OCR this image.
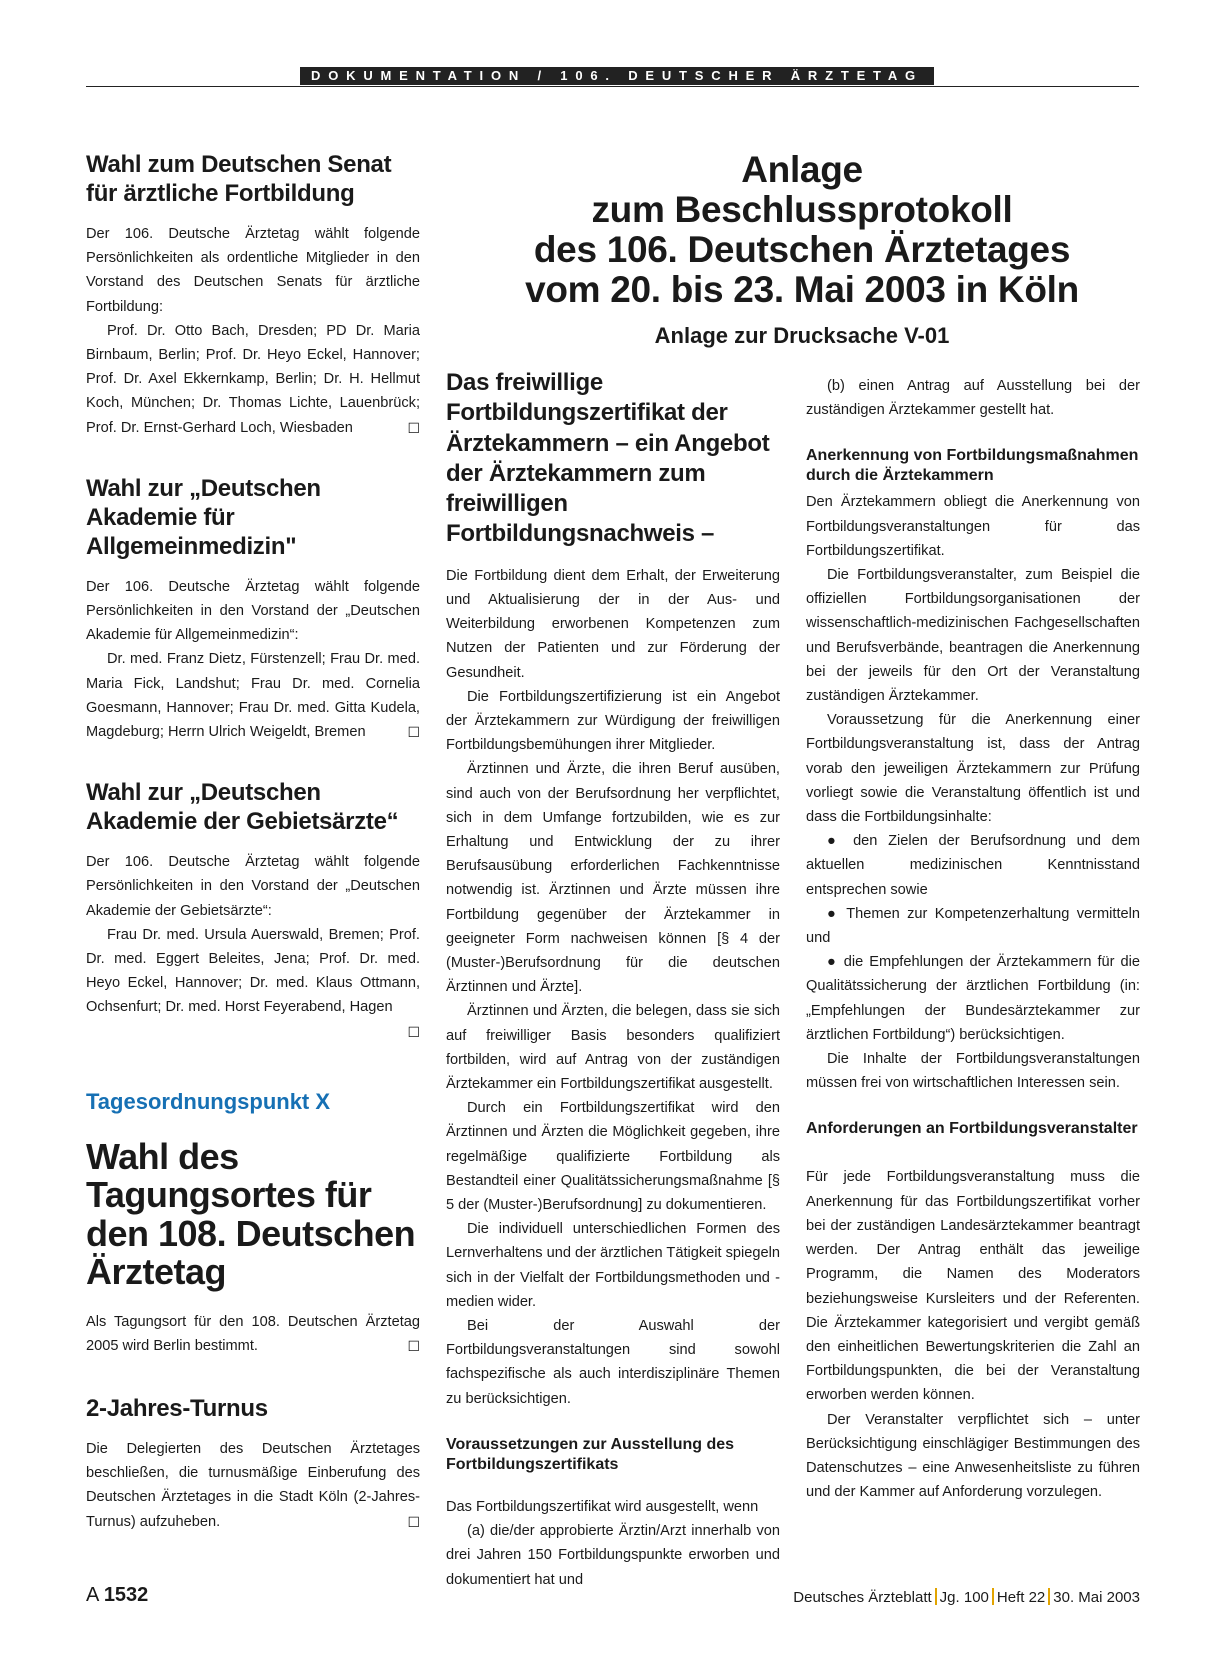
DOKUMENTATION / 106. DEUTSCHER ÄRZTETAG
Wahl zum Deutschen Senat für ärztliche Fortbildung

Der 106. Deutsche Ärztetag wählt folgende Persönlichkeiten als ordentliche Mitglieder in den Vorstand des Deutschen Senats für ärztliche Fortbildung:

Prof. Dr. Otto Bach, Dresden; PD Dr. Maria Birnbaum, Berlin; Prof. Dr. Heyo Eckel, Hannover; Prof. Dr. Axel Ekkernkamp, Berlin; Dr. H. Hellmut Koch, München; Dr. Thomas Lichte, Lauenbrück; Prof. Dr. Ernst-Gerhard Loch, Wiesbaden	☐

Wahl zur „Deutschen Akademie für Allgemeinmedizin"

Der 106. Deutsche Ärztetag wählt folgende Persönlichkeiten in den Vorstand der „Deutschen Akademie für Allgemeinmedizin“:

Dr. med. Franz Dietz, Fürstenzell; Frau Dr. med. Maria Fick, Landshut; Frau Dr. med. Cornelia Goesmann, Hannover; Frau Dr. med. Gitta Kudela, Magdeburg; Herrn Ulrich Weigeldt, Bremen	☐

Wahl zur „Deutschen Akademie der Gebietsärzte“

Der 106. Deutsche Ärztetag wählt folgende Persönlichkeiten in den Vorstand der „Deutschen Akademie der Gebietsärzte“:

Frau Dr. med. Ursula Auerswald, Bremen; Prof. Dr. med. Eggert Beleites, Jena; Prof. Dr. med. Heyo Eckel, Hannover; Dr. med. Klaus Ottmann, Ochsenfurt; Dr. med. Horst Feyerabend, Hagen
☐

Tagesordnungspunkt X
Wahl des Tagungsortes für den 108. Deutschen Ärztetag

Als Tagungsort für den 108. Deutschen Ärztetag 2005 wird Berlin bestimmt.	☐

2-Jahres-Turnus

Die Delegierten des Deutschen Ärztetages beschließen, die turnusmäßige Einberufung des Deutschen Ärztetages in die Stadt Köln (2-Jahres-Turnus) aufzuheben.	☐

Anlage
zum Beschlussprotokoll
des 106. Deutschen Ärztetages
vom 20. bis 23. Mai 2003 in Köln
Anlage zur Drucksache V-01
Das freiwillige Fortbildungszertifikat der Ärztekammern – ein Angebot der Ärztekammern zum freiwilligen Fortbildungsnachweis –

Die Fortbildung dient dem Erhalt, der Erweiterung und Aktualisierung der in der Aus- und Weiterbildung erworbenen Kompetenzen zum Nutzen der Patienten und zur Förderung der Gesundheit.

Die Fortbildungszertifizierung ist ein Angebot der Ärztekammern zur Würdigung der freiwilligen Fortbildungsbemühungen ihrer Mitglieder.

Ärztinnen und Ärzte, die ihren Beruf ausüben, sind auch von der Berufsordnung her verpflichtet, sich in dem Umfange fortzubilden, wie es zur Erhaltung und Entwicklung der zu ihrer Berufsausübung erforderlichen Fachkenntnisse notwendig ist. Ärztinnen und Ärzte müssen ihre Fortbildung gegenüber der Ärztekammer in geeigneter Form nachweisen können [§ 4 der (Muster-)Berufsordnung für die deutschen Ärztinnen und Ärzte].

Ärztinnen und Ärzten, die belegen, dass sie sich auf freiwilliger Basis besonders qualifiziert fortbilden, wird auf Antrag von der zuständigen Ärztekammer ein Fortbildungszertifikat ausgestellt.

Durch ein Fortbildungszertifikat wird den Ärztinnen und Ärzten die Möglichkeit gegeben, ihre regelmäßige qualifizierte Fortbildung als Bestandteil einer Qualitätssicherungsmaßnahme [§ 5 der (Muster-)Berufsordnung] zu dokumentieren.

Die individuell unterschiedlichen Formen des Lernverhaltens und der ärztlichen Tätigkeit spiegeln sich in der Vielfalt der Fortbildungsmethoden und -medien wider.

Bei der Auswahl der Fortbildungsveranstaltungen sind sowohl fachspezifische als auch interdisziplinäre Themen zu berücksichtigen.

Voraussetzungen zur Ausstellung des Fortbildungszertifikats

Das Fortbildungszertifikat wird ausgestellt, wenn

(a) die/der approbierte Ärztin/Arzt innerhalb von drei Jahren 150 Fortbildungspunkte erworben und dokumentiert hat und

(b) einen Antrag auf Ausstellung bei der zuständigen Ärztekammer gestellt hat.

Anerkennung von Fortbildungsmaßnahmen durch die Ärztekammern

Den Ärztekammern obliegt die Anerkennung von Fortbildungsveranstaltungen für das Fortbildungszertifikat.

Die Fortbildungsveranstalter, zum Beispiel die offiziellen Fortbildungsorganisationen der wissenschaftlich-medizinischen Fachgesellschaften und Berufsverbände, beantragen die Anerkennung bei der jeweils für den Ort der Veranstaltung zuständigen Ärztekammer.

Voraussetzung für die Anerkennung einer Fortbildungsveranstaltung ist, dass der Antrag vorab den jeweiligen Ärztekammern zur Prüfung vorliegt sowie die Veranstaltung öffentlich ist und dass die Fortbildungsinhalte:

● den Zielen der Berufsordnung und dem aktuellen medizinischen Kenntnisstand entsprechen sowie

● Themen zur Kompetenzerhaltung vermitteln und

● die Empfehlungen der Ärztekammern für die Qualitätssicherung der ärztlichen Fortbildung (in: „Empfehlungen der Bundesärztekammer zur ärztlichen Fortbildung“) berücksichtigen.

Die Inhalte der Fortbildungsveranstaltungen müssen frei von wirtschaftlichen Interessen sein.

Anforderungen an Fortbildungsveranstalter

Für jede Fortbildungsveranstaltung muss die Anerkennung für das Fortbildungszertifikat vorher bei der zuständigen Landesärztekammer beantragt werden. Der Antrag enthält das jeweilige Programm, die Namen des Moderators beziehungsweise Kursleiters und der Referenten. Die Ärztekammer kategorisiert und vergibt gemäß den einheitlichen Bewertungskriterien die Zahl an Fortbildungspunkten, die bei der Veranstaltung erworben werden können.

Der Veranstalter verpflichtet sich – unter Berücksichtigung einschlägiger Bestimmungen des Datenschutzes – eine Anwesenheitsliste zu führen und der Kammer auf Anforderung vorzulegen.

A 1532	Deutsches Ärzteblatt Jg. 100 Heft 22 30. Mai 2003
